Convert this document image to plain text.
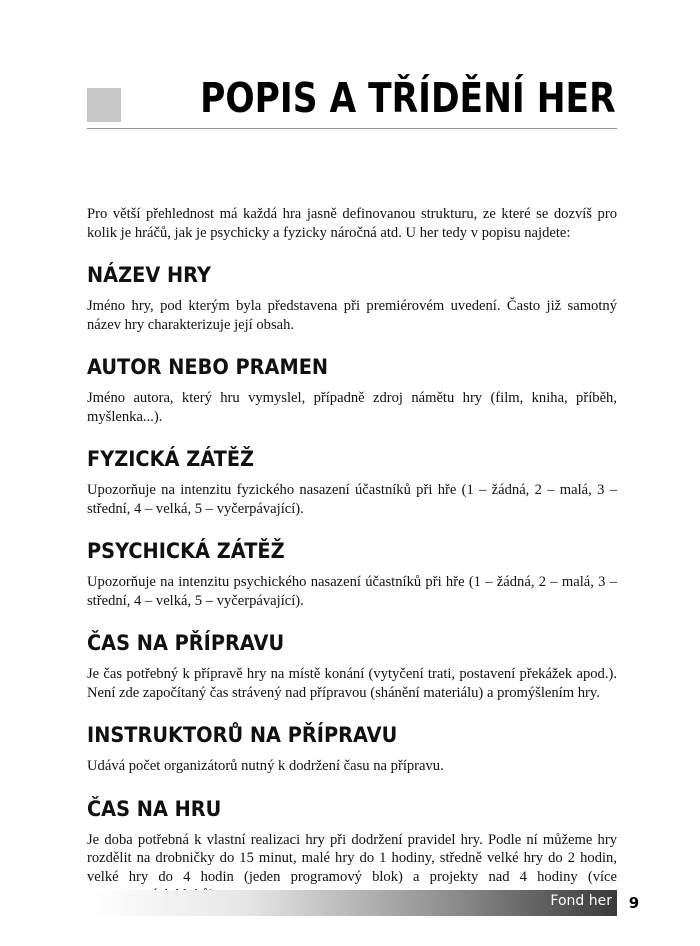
POPIS A TŘÍDĚNÍ HER

Pro větší přehlednost má každá hra jasně definovanou strukturu, ze které se dozvíš pro kolik je hráčů, jak je psychicky a fyzicky náročná atd. U her tedy v popisu najdete:

NÁZEV HRY

Jméno hry, pod kterým byla představena při premiérovém uvedení. Často již samotný název hry charakterizuje její obsah.

AUTOR NEBO PRAMEN

Jméno autora, který hru vymyslel, případně zdroj námětu hry (film, kniha, příběh, myšlenka...).

FYZICKÁ ZÁTĚŽ

Upozorňuje na intenzitu fyzického nasazení účastníků při hře (1 – žádná, 2 – malá, 3 – střední, 4 – velká, 5 – vyčerpávající).

PSYCHICKÁ ZÁTĚŽ

Upozorňuje na intenzitu psychického nasazení účastníků při hře (1 – žádná, 2 – malá, 3 – střední, 4 – velká, 5 – vyčerpávající).

ČAS NA PŘÍPRAVU

Je čas potřebný k přípravě hry na místě konání (vytyčení trati, postavení překážek apod.). Není zde započítaný čas strávený nad přípravou (shánění materiálu) a promýšlením hry.

INSTRUKTORŮ NA PŘÍPRAVU

Udává počet organizátorů nutný k dodržení času na přípravu.

ČAS NA HRU

Je doba potřebná k vlastní realizaci hry při dodržení pravidel hry. Podle ní můžeme hry rozdělit na drobničky do 15 minut, malé hry do 1 hodiny, středně velké hry do 2 hodin, velké hry do 4 hodin (jeden programový blok) a projekty nad 4 hodiny (více

Fond her	9
